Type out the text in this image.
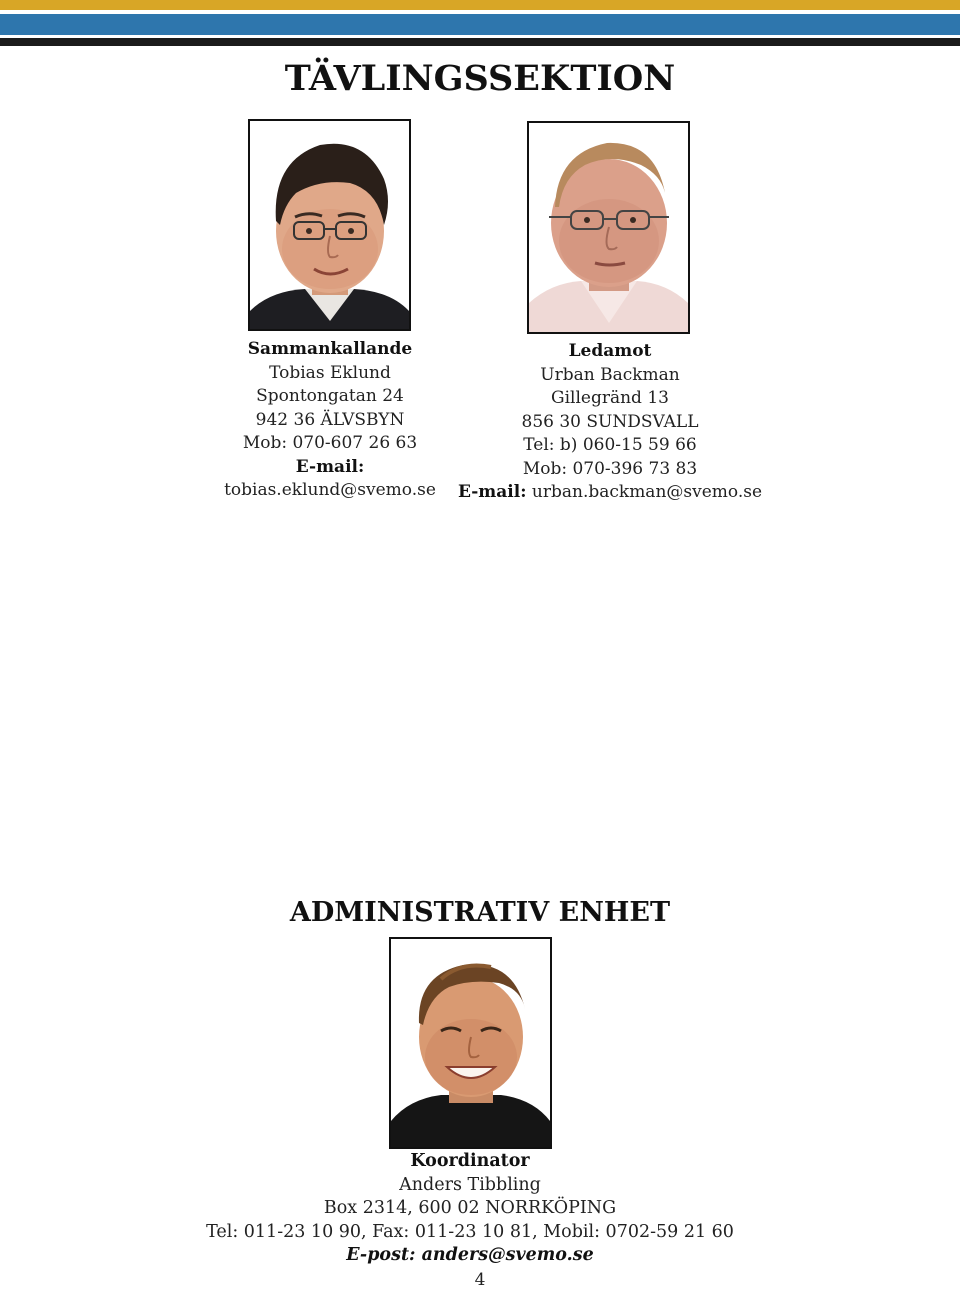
TÄVLINGSSEKTION
Sammankallande
Tobias Eklund
Spontongatan 24
942 36 ÄLVSBYN
Mob: 070-607 26 63
E-mail: tobias.eklund@svemo.se
Ledamot
Urban Backman
Gillegränd 13
856 30 SUNDSVALL
Tel: b) 060-15 59 66
Mob: 070-396 73 83
E-mail: urban.backman@svemo.se
ADMINISTRATIV ENHET
Koordinator
Anders Tibbling
Box 2314, 600 02 NORRKÖPING
Tel: 011-23 10 90, Fax: 011-23 10 81, Mobil: 0702-59 21 60
E-post: anders@svemo.se
4
